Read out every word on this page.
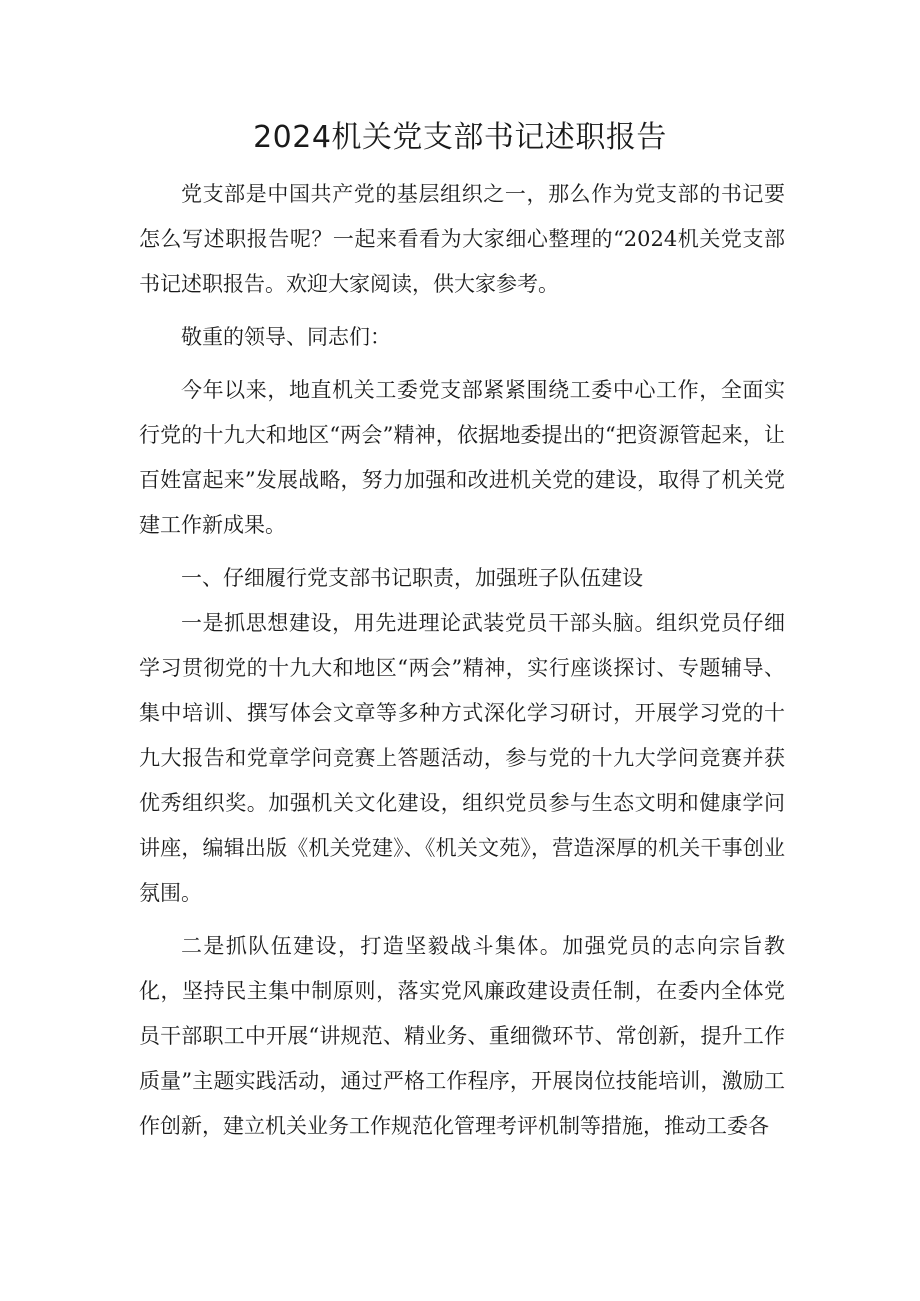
2024机关党支部书记述职报告

党支部是中国共产党的基层组织之一，那么作为党支部的书记要怎么写述职报告呢？一起来看看为大家细心整理的“2024机关党支部书记述职报告。欢迎大家阅读，供大家参考。

敬重的领导、同志们：

今年以来，地直机关工委党支部紧紧围绕工委中心工作，全面实行党的十九大和地区“两会”精神，依据地委提出的“把资源管起来，让百姓富起来”发展战略，努力加强和改进机关党的建设，取得了机关党建工作新成果。

一、仔细履行党支部书记职责，加强班子队伍建设

一是抓思想建设，用先进理论武装党员干部头脑。组织党员仔细学习贯彻党的十九大和地区“两会”精神，实行座谈探讨、专题辅导、集中培训、撰写体会文章等多种方式深化学习研讨，开展学习党的十九大报告和党章学问竞赛上答题活动，参与党的十九大学问竞赛并获优秀组织奖。加强机关文化建设，组织党员参与生态文明和健康学问讲座，编辑出版《机关党建》、《机关文苑》，营造深厚的机关干事创业氛围。

二是抓队伍建设，打造坚毅战斗集体。加强党员的志向宗旨教化，坚持民主集中制原则，落实党风廉政建设责任制，在委内全体党员干部职工中开展“讲规范、精业务、重细微环节、常创新，提升工作质量”主题实践活动，通过严格工作程序，开展岗位技能培训，激励工作创新，建立机关业务工作规范化管理考评机制等措施，推动工委各
